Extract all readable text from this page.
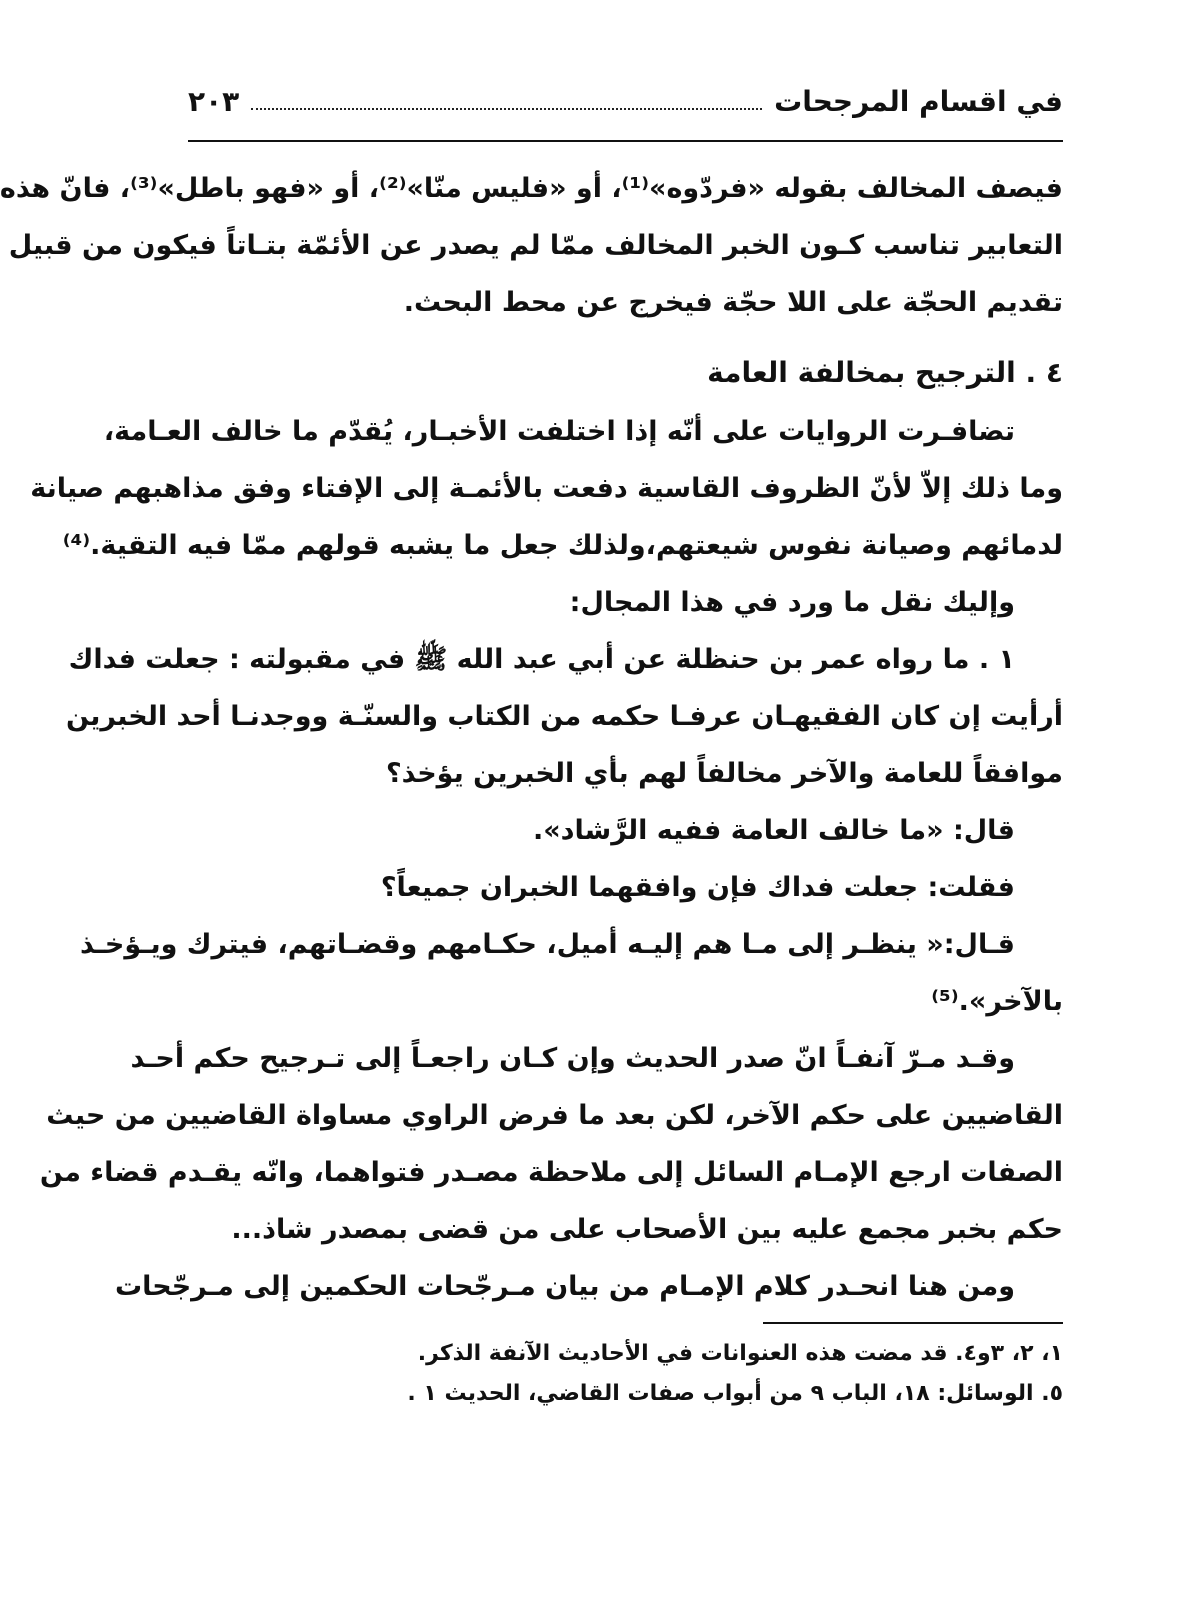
في اقسام المرجحات
٢٠٣
فيصف المخالف بقوله «فردّوه»⁽¹⁾، أو «فليس منّا»⁽²⁾، أو «فهو باطل»⁽³⁾، فانّ هذه
التعابير تناسب كـون الخبر المخالف ممّا لم يصدر عن الأئمّة بتـاتاً فيكون من قبيل
تقديم الحجّة على اللا حجّة فيخرج عن محط البحث.
٤ . الترجيح بمخالفة العامة
تضافـرت الروايات على أنّه إذا اختلفت الأخبـار، يُقدّم ما خالف العـامة،
وما ذلك إلاّ لأنّ الظروف القاسية دفعت بالأئمـة إلى الإفتاء وفق مذاهبهم صيانة
لدمائهم وصيانة نفوس شيعتهم،ولذلك جعل ما يشبه قولهم ممّا فيه التقية.⁽⁴⁾
وإليك نقل ما ورد في هذا المجال:
١ . ما رواه عمر بن حنظلة عن أبي عبد الله ﷺ في مقبولته : جعلت فداك
أرأيت إن كان الفقيهـان عرفـا حكمه من الكتاب والسنّـة ووجدنـا أحد الخبرين
موافقاً للعامة والآخر مخالفاً لهم بأي الخبرين يؤخذ؟
قال: «ما خالف العامة ففيه الرَّشاد».
فقلت: جعلت فداك فإن وافقهما الخبران جميعاً؟
قـال:« ينظـر إلى مـا هم إليـه أميل، حكـامهم وقضـاتهم، فيترك ويـؤخـذ
بالآخر».⁽⁵⁾
وقـد مـرّ آنفـاً انّ صدر الحديث وإن كـان راجعـاً إلى تـرجيح حكم أحـد
القاضيين على حكم الآخر، لكن بعد ما فرض الراوي مساواة القاضيين من حيث
الصفات ارجع الإمـام السائل إلى ملاحظة مصـدر فتواهما، وانّه يقـدم قضاء من
حكم بخبر مجمع عليه بين الأصحاب على من قضى بمصدر شاذ...
ومن هنا انحـدر كلام الإمـام من بيان مـرجّحات الحكمين إلى مـرجّحات
١، ٢، ٣و٤. قد مضت هذه العنوانات في الأحاديث الآنفة الذكر.
٥. الوسائل: ١٨، الباب ٩ من أبواب صفات القاضي، الحديث ١ .
